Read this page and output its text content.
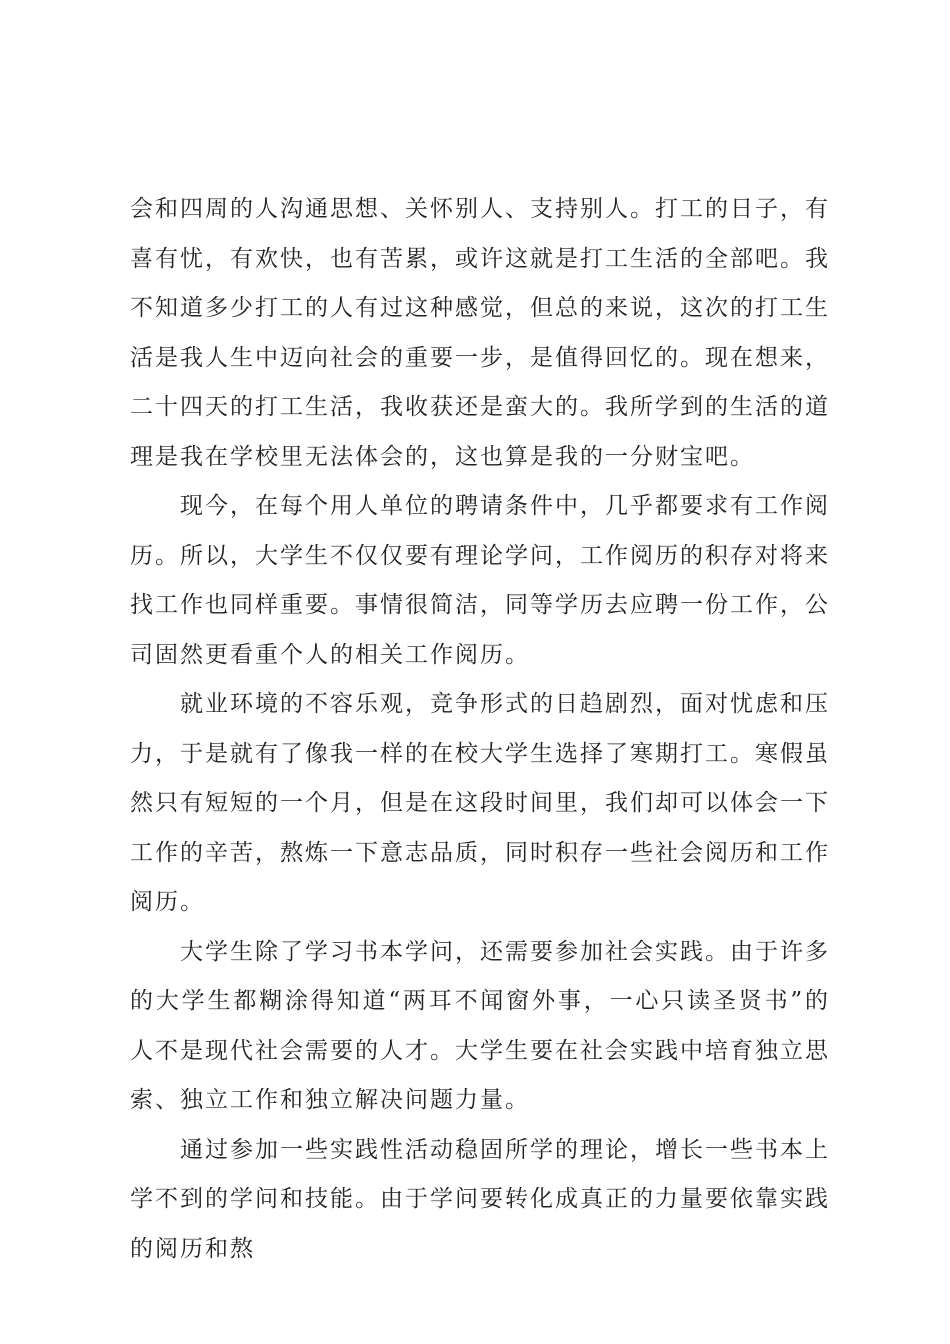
会和四周的人沟通思想、关怀别人、支持别人。打工的日子，有喜有忧，有欢快，也有苦累，或许这就是打工生活的全部吧。我不知道多少打工的人有过这种感觉，但总的来说，这次的打工生活是我人生中迈向社会的重要一步，是值得回忆的。现在想来，二十四天的打工生活，我收获还是蛮大的。我所学到的生活的道理是我在学校里无法体会的，这也算是我的一分财宝吧。

现今，在每个用人单位的聘请条件中，几乎都要求有工作阅历。所以，大学生不仅仅要有理论学问，工作阅历的积存对将来找工作也同样重要。事情很简洁，同等学历去应聘一份工作，公司固然更看重个人的相关工作阅历。

就业环境的不容乐观，竞争形式的日趋剧烈，面对忧虑和压力，于是就有了像我一样的在校大学生选择了寒期打工。寒假虽然只有短短的一个月，但是在这段时间里，我们却可以体会一下工作的辛苦，熬炼一下意志品质，同时积存一些社会阅历和工作阅历。

大学生除了学习书本学问，还需要参加社会实践。由于许多的大学生都糊涂得知道“两耳不闻窗外事，一心只读圣贤书”的人不是现代社会需要的人才。大学生要在社会实践中培育独立思索、独立工作和独立解决问题力量。

通过参加一些实践性活动稳固所学的理论，增长一些书本上学不到的学问和技能。由于学问要转化成真正的力量要依靠实践的阅历和熬
